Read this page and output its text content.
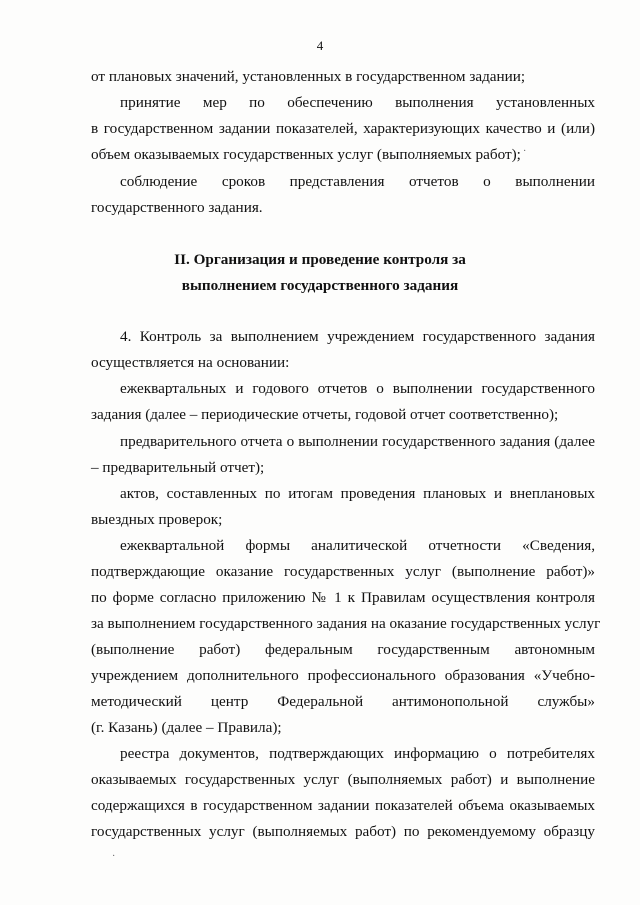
4
от плановых значений, установленных в государственном задании;
принятие мер по обеспечению выполнения установленных
в государственном задании показателей, характеризующих качество и (или)
объем оказываемых государственных услуг (выполняемых работ);
соблюдение сроков представления отчетов о выполнении
государственного задания.
II. Организация и проведение контроля за
выполнением государственного задания
4. Контроль за выполнением учреждением государственного задания
осуществляется на основании:
ежеквартальных и годового отчетов о выполнении государственного
задания (далее – периодические отчеты, годовой отчет соответственно);
предварительного отчета о выполнении государственного задания (далее
– предварительный отчет);
актов, составленных по итогам проведения плановых и внеплановых
выездных проверок;
ежеквартальной формы аналитической отчетности «Сведения,
подтверждающие оказание государственных услуг (выполнение работ)»
по форме согласно приложению № 1 к Правилам осуществления контроля
за выполнением государственного задания на оказание государственных услуг
(выполнение работ) федеральным государственным автономным
учреждением дополнительного профессионального образования «Учебно-
методический центр Федеральной антимонопольной службы»
(г. Казань) (далее – Правила);
реестра документов, подтверждающих информацию о потребителях
оказываемых государственных услуг (выполняемых работ) и выполнение
содержащихся в государственном задании показателей объема оказываемых
государственных услуг (выполняемых работ) по рекомендуемому образцу
·
·
